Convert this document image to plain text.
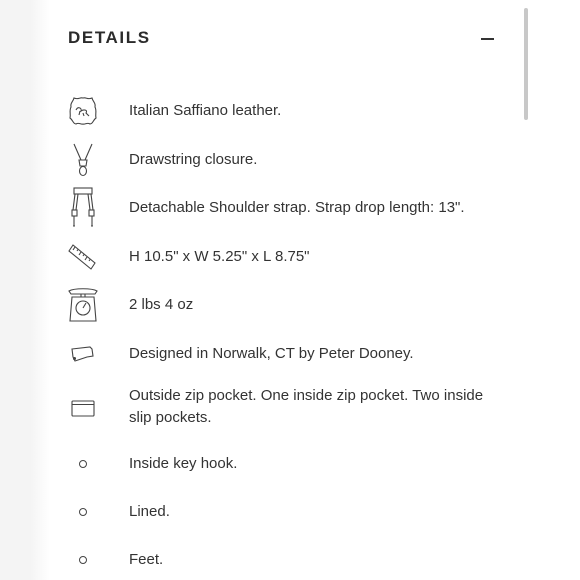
DETAILS
Italian Saffiano leather.
Drawstring closure.
Detachable Shoulder strap. Strap drop length: 13".
H 10.5" x W 5.25" x L 8.75"
2 lbs 4 oz
Designed in Norwalk, CT by Peter Dooney.
Outside zip pocket. One inside zip pocket. Two inside slip pockets.
Inside key hook.
Lined.
Feet.
